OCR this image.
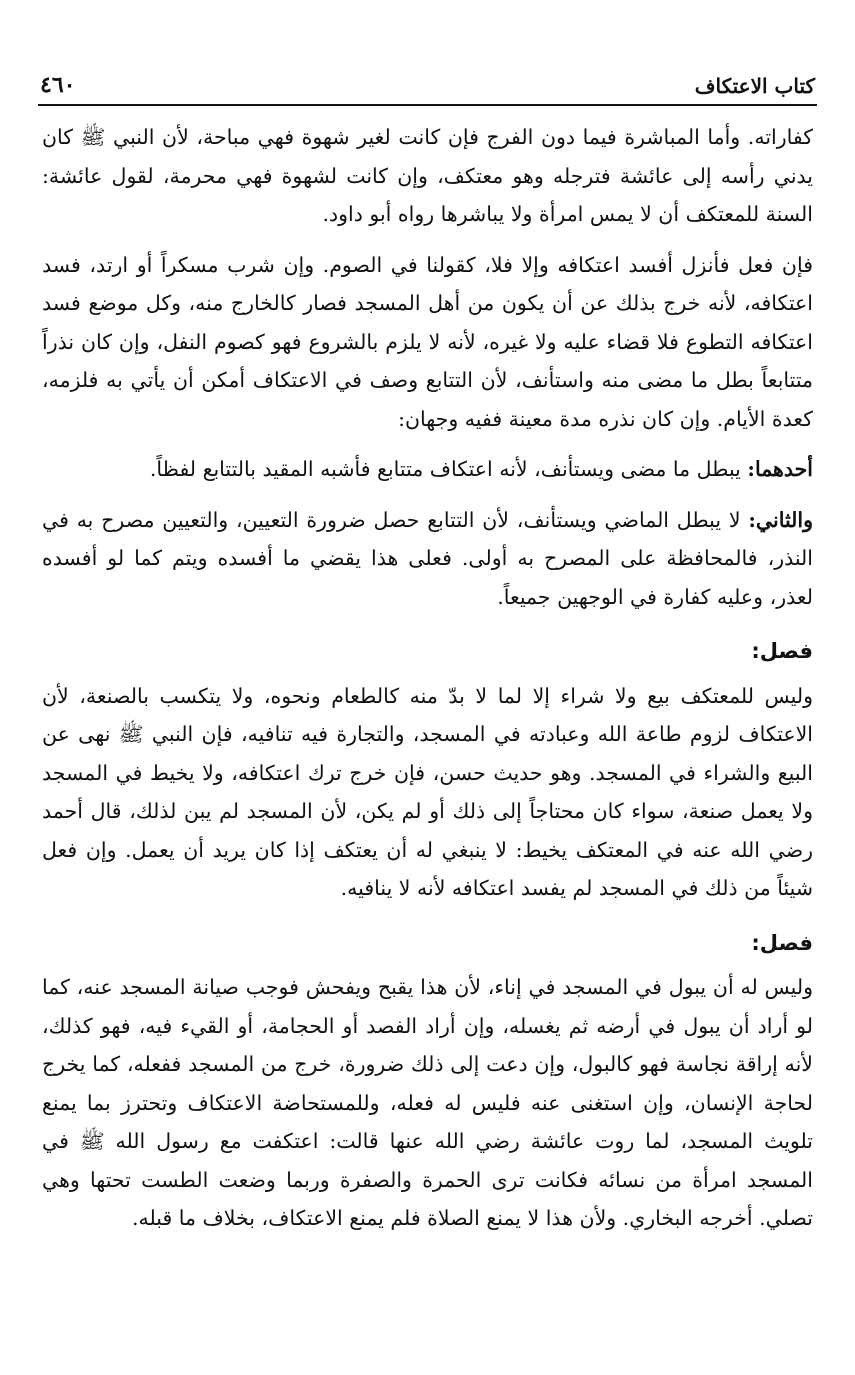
٤٦٠	كتاب الاعتكاف

كفاراته. وأما المباشرة فيما دون الفرج فإن كانت لغير شهوة فهي مباحة، لأن النبي ﷺ كان يدني رأسه إلى عائشة فترجله وهو معتكف، وإن كانت لشهوة فهي محرمة، لقول عائشة: السنة للمعتكف أن لا يمس امرأة ولا يباشرها رواه أبو داود.

فإن فعل فأنزل أفسد اعتكافه وإلا فلا، كقولنا في الصوم. وإن شرب مسكراً أو ارتد، فسد اعتكافه، لأنه خرج بذلك عن أن يكون من أهل المسجد فصار كالخارج منه، وكل موضع فسد اعتكافه التطوع فلا قضاء عليه ولا غيره، لأنه لا يلزم بالشروع فهو كصوم النفل، وإن كان نذراً متتابعاً بطل ما مضى منه واستأنف، لأن التتابع وصف في الاعتكاف أمكن أن يأتي به فلزمه، كعدة الأيام. وإن كان نذره مدة معينة ففيه وجهان:

أحدهما: يبطل ما مضى ويستأنف، لأنه اعتكاف متتابع فأشبه المقيد بالتتابع لفظاً.

والثاني: لا يبطل الماضي ويستأنف، لأن التتابع حصل ضرورة التعيين، والتعيين مصرح به في النذر، فالمحافظة على المصرح به أولى. فعلى هذا يقضي ما أفسده ويتم كما لو أفسده لعذر، وعليه كفارة في الوجهين جميعاً.

فصل:

وليس للمعتكف بيع ولا شراء إلا لما لا بدّ منه كالطعام ونحوه، ولا يتكسب بالصنعة، لأن الاعتكاف لزوم طاعة الله وعبادته في المسجد، والتجارة فيه تنافيه، فإن النبي ﷺ نهى عن البيع والشراء في المسجد. وهو حديث حسن، فإن خرج ترك اعتكافه، ولا يخيط في المسجد ولا يعمل صنعة، سواء كان محتاجاً إلى ذلك أو لم يكن، لأن المسجد لم يبن لذلك، قال أحمد رضي الله عنه في المعتكف يخيط: لا ينبغي له أن يعتكف إذا كان يريد أن يعمل. وإن فعل شيئاً من ذلك في المسجد لم يفسد اعتكافه لأنه لا ينافيه.

فصل:

وليس له أن يبول في المسجد في إناء، لأن هذا يقبح ويفحش فوجب صيانة المسجد عنه، كما لو أراد أن يبول في أرضه ثم يغسله، وإن أراد الفصد أو الحجامة، أو القيء فيه، فهو كذلك، لأنه إراقة نجاسة فهو كالبول، وإن دعت إلى ذلك ضرورة، خرج من المسجد ففعله، كما يخرج لحاجة الإنسان، وإن استغنى عنه فليس له فعله، وللمستحاضة الاعتكاف وتحترز بما يمنع تلويث المسجد، لما روت عائشة رضي الله عنها قالت: اعتكفت مع رسول الله ﷺ في المسجد امرأة من نسائه فكانت ترى الحمرة والصفرة وربما وضعت الطست تحتها وهي تصلي. أخرجه البخاري. ولأن هذا لا يمنع الصلاة فلم يمنع الاعتكاف، بخلاف ما قبله.
